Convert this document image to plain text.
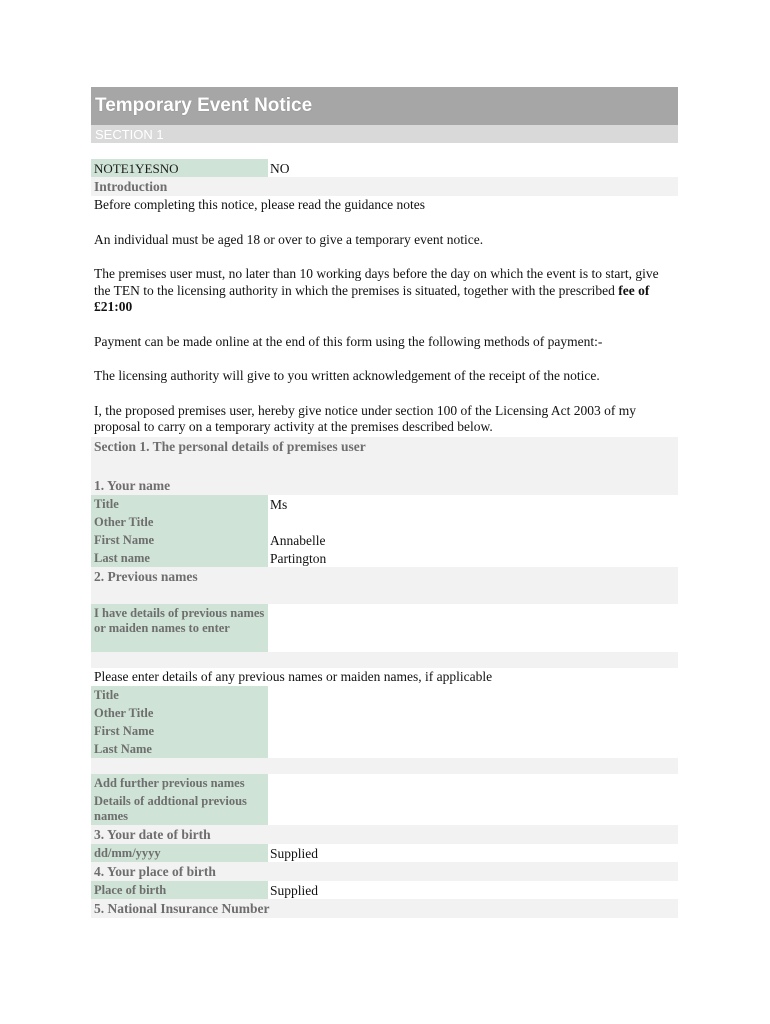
Temporary Event Notice
SECTION 1
NOTE1YESNO	NO
Introduction
Before completing this notice, please read the guidance notes
An individual must be aged 18 or over to give a temporary event notice.
The premises user must, no later than 10 working days before the day on which the event is to start, give the TEN to the licensing authority in which the premises is situated, together with the prescribed fee of £21:00
Payment can be made online at the end of this form using the following methods of payment:-
The licensing authority will give to you written acknowledgement of the receipt of the notice.
I, the proposed premises user, hereby give notice under section 100 of the Licensing Act 2003 of my proposal to carry on a temporary activity at the premises described below.
Section 1. The personal details of premises user
1. Your name
Title	Ms
Other Title
First Name	Annabelle
Last name	Partington
2. Previous names
I have details of previous names or maiden names to enter
Please enter details of any previous names or maiden names, if applicable
Title
Other Title
First Name
Last Name
Add further previous names
Details of addtional previous names
3. Your date of birth
dd/mm/yyyy	Supplied
4. Your place of birth
Place of birth	Supplied
5. National Insurance Number
